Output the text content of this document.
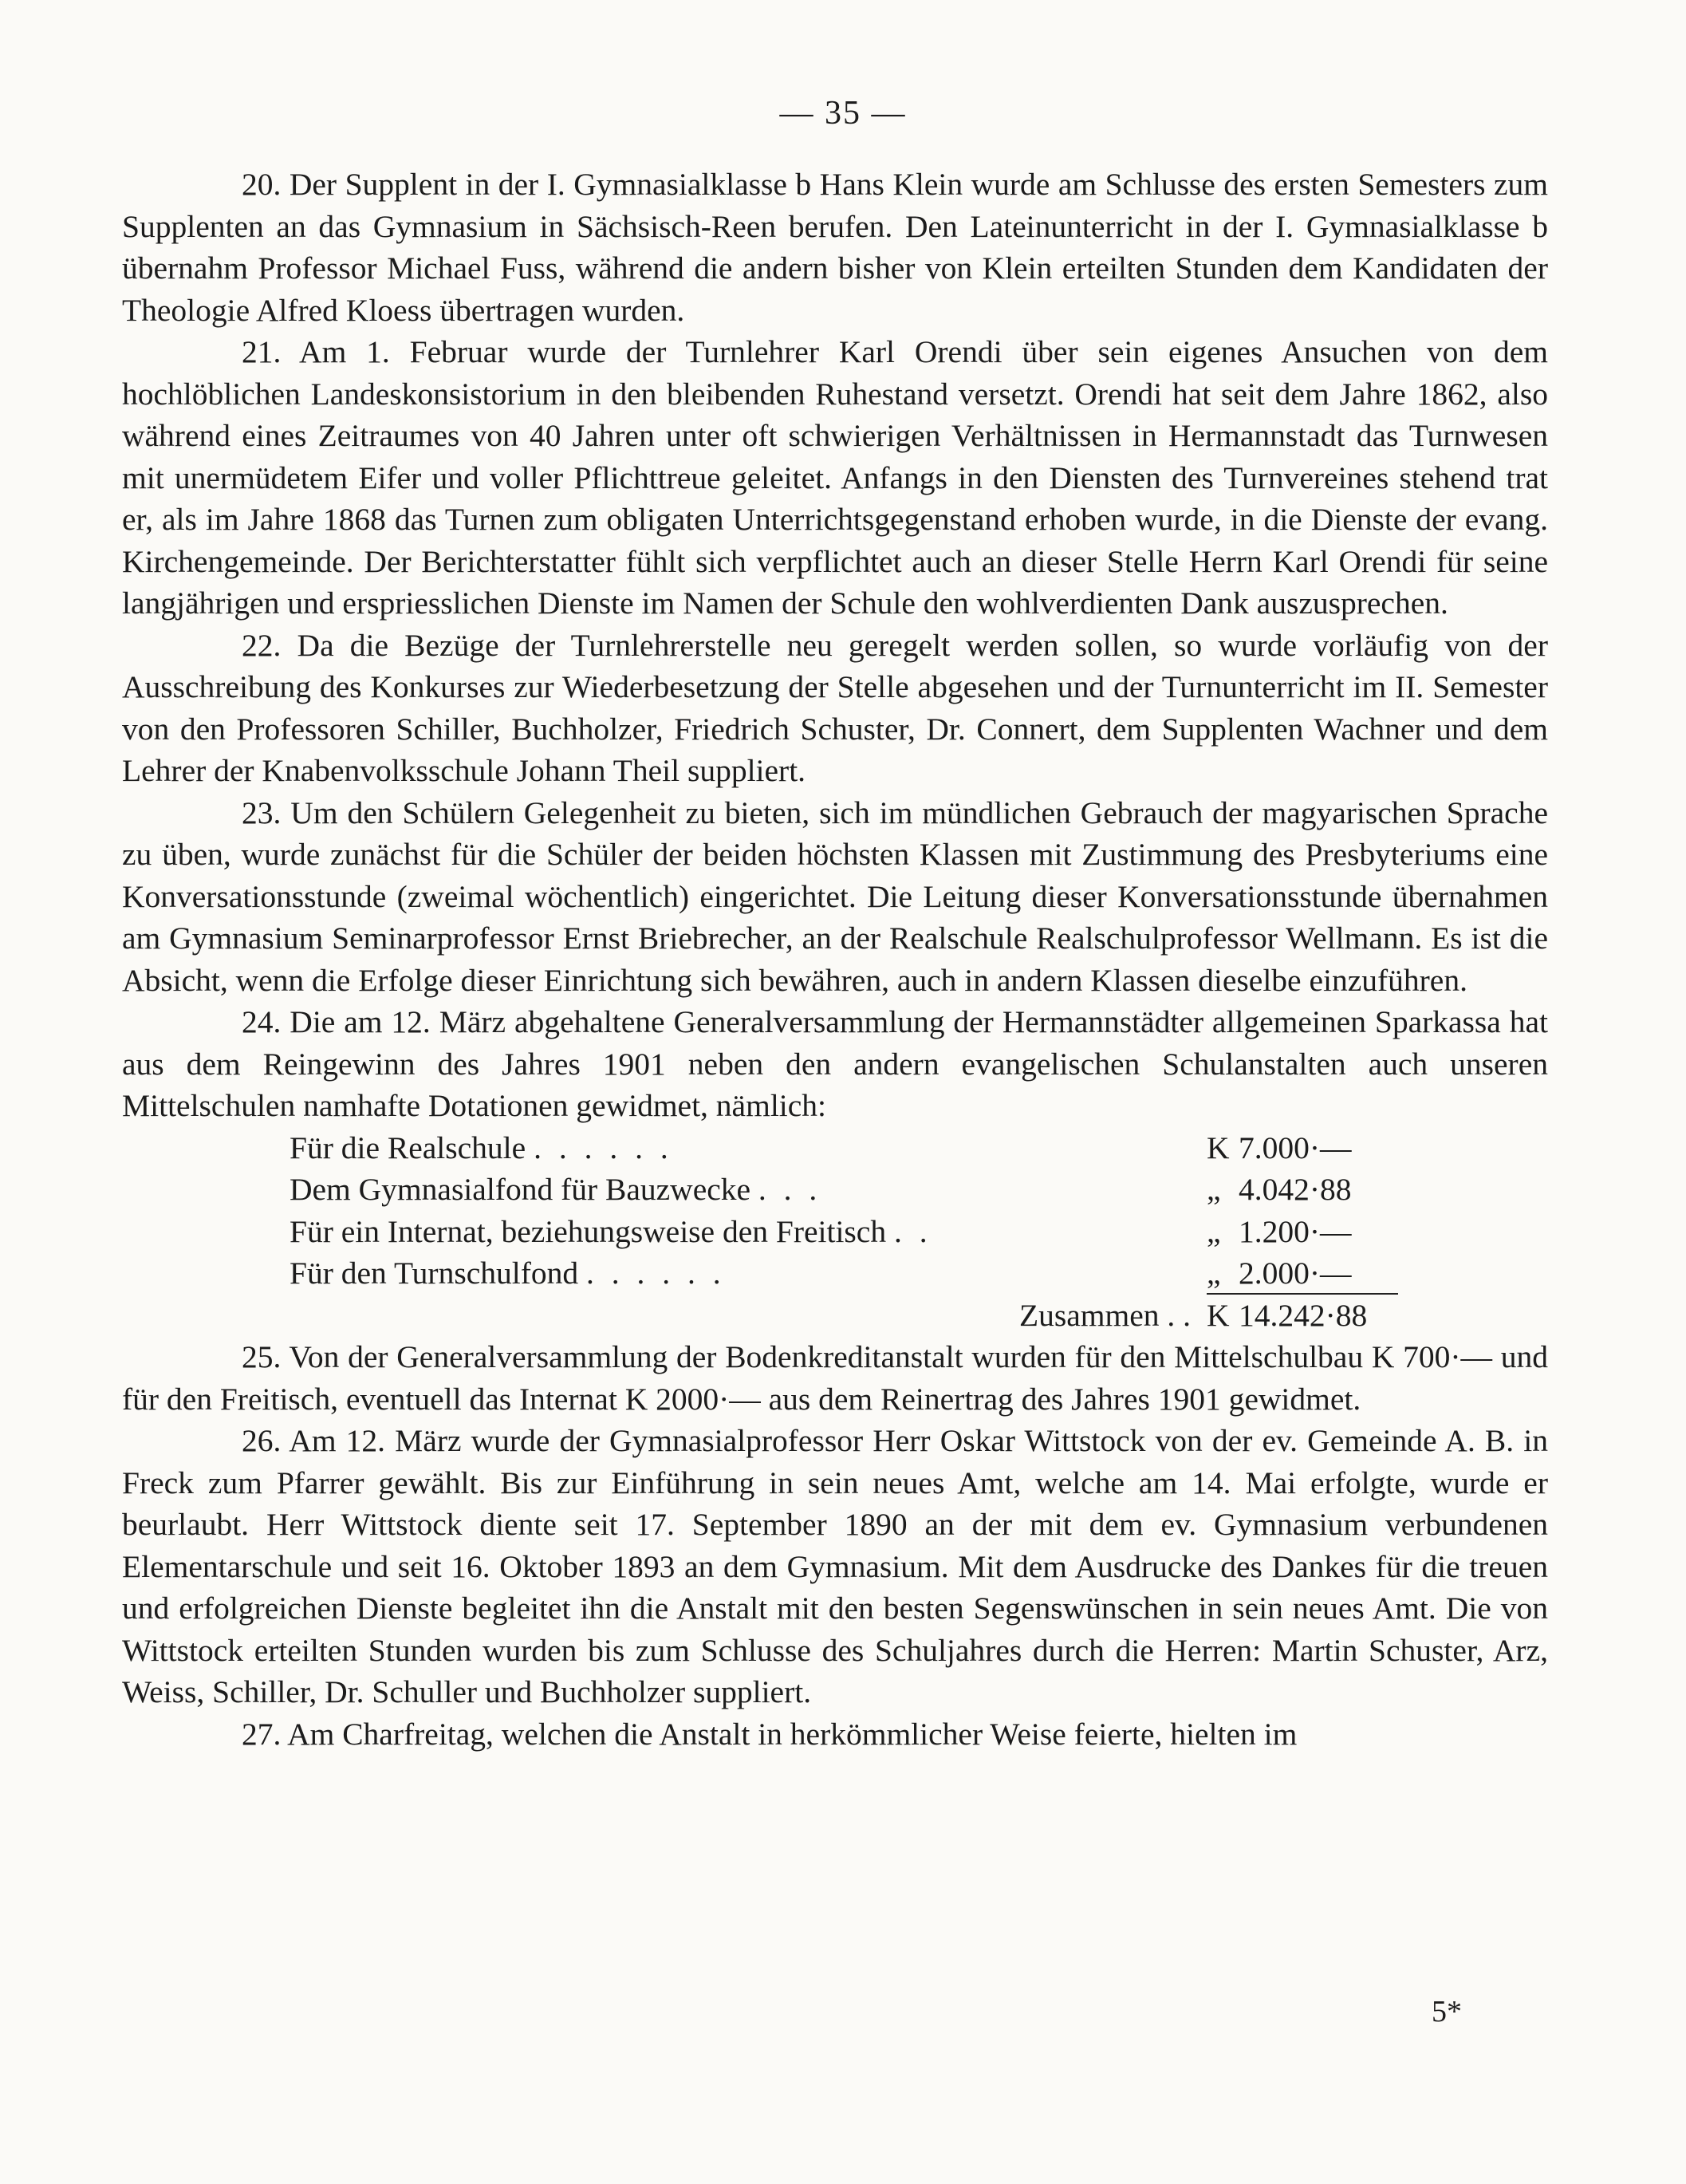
— 35 —

20. Der Supplent in der I. Gymnasialklasse b Hans Klein wurde am Schlusse des ersten Semesters zum Supplenten an das Gymnasium in Sächsisch-Reen berufen. Den Lateinunterricht in der I. Gymnasialklasse b übernahm Professor Michael Fuss, während die andern bisher von Klein erteilten Stunden dem Kandidaten der Theologie Alfred Kloess übertragen wurden.

21. Am 1. Februar wurde der Turnlehrer Karl Orendi über sein eigenes Ansuchen von dem hochlöblichen Landeskonsistorium in den bleibenden Ruhestand versetzt. Orendi hat seit dem Jahre 1862, also während eines Zeitraumes von 40 Jahren unter oft schwierigen Verhältnissen in Hermannstadt das Turnwesen mit unermüdetem Eifer und voller Pflichttreue geleitet. Anfangs in den Diensten des Turnvereines stehend trat er, als im Jahre 1868 das Turnen zum obligaten Unterrichtsgegenstand erhoben wurde, in die Dienste der evang. Kirchengemeinde. Der Berichterstatter fühlt sich verpflichtet auch an dieser Stelle Herrn Karl Orendi für seine langjährigen und erspriesslichen Dienste im Namen der Schule den wohlverdienten Dank auszusprechen.

22. Da die Bezüge der Turnlehrerstelle neu geregelt werden sollen, so wurde vorläufig von der Ausschreibung des Konkurses zur Wiederbesetzung der Stelle abgesehen und der Turnunterricht im II. Semester von den Professoren Schiller, Buchholzer, Friedrich Schuster, Dr. Connert, dem Supplenten Wachner und dem Lehrer der Knabenvolksschule Johann Theil suppliert.

23. Um den Schülern Gelegenheit zu bieten, sich im mündlichen Gebrauch der magyarischen Sprache zu üben, wurde zunächst für die Schüler der beiden höchsten Klassen mit Zustimmung des Presbyteriums eine Konversationsstunde (zweimal wöchentlich) eingerichtet. Die Leitung dieser Konversationsstunde übernahmen am Gymnasium Seminarprofessor Ernst Briebrecher, an der Realschule Realschulprofessor Wellmann. Es ist die Absicht, wenn die Erfolge dieser Einrichtung sich bewähren, auch in andern Klassen dieselbe einzuführen.

24. Die am 12. März abgehaltene Generalversammlung der Hermannstädter allgemeinen Sparkassa hat aus dem Reingewinn des Jahres 1901 neben den andern evangelischen Schulanstalten auch unseren Mittelschulen namhafte Dotationen gewidmet, nämlich:

Für die Realschule . . . . . .	K 7.000·—
Dem Gymnasialfond für Bauzwecke . . .	„ 4.042·88
Für ein Internat, beziehungsweise den Freitisch . .	„ 1.200·—
Für den Turnschulfond . . . . . .	„ 2.000·—
Zusammen . . K 14.242·88

25. Von der Generalversammlung der Bodenkreditanstalt wurden für den Mittelschulbau K 700·— und für den Freitisch, eventuell das Internat K 2000·— aus dem Reinertrag des Jahres 1901 gewidmet.

26. Am 12. März wurde der Gymnasialprofessor Herr Oskar Wittstock von der ev. Gemeinde A. B. in Freck zum Pfarrer gewählt. Bis zur Einführung in sein neues Amt, welche am 14. Mai erfolgte, wurde er beurlaubt. Herr Wittstock diente seit 17. September 1890 an der mit dem ev. Gymnasium verbundenen Elementarschule und seit 16. Oktober 1893 an dem Gymnasium. Mit dem Ausdrucke des Dankes für die treuen und erfolgreichen Dienste begleitet ihn die Anstalt mit den besten Segenswünschen in sein neues Amt. Die von Wittstock erteilten Stunden wurden bis zum Schlusse des Schuljahres durch die Herren: Martin Schuster, Arz, Weiss, Schiller, Dr. Schuller und Buchholzer suppliert.

27. Am Charfreitag, welchen die Anstalt in herkömmlicher Weise feierte, hielten im

5*
